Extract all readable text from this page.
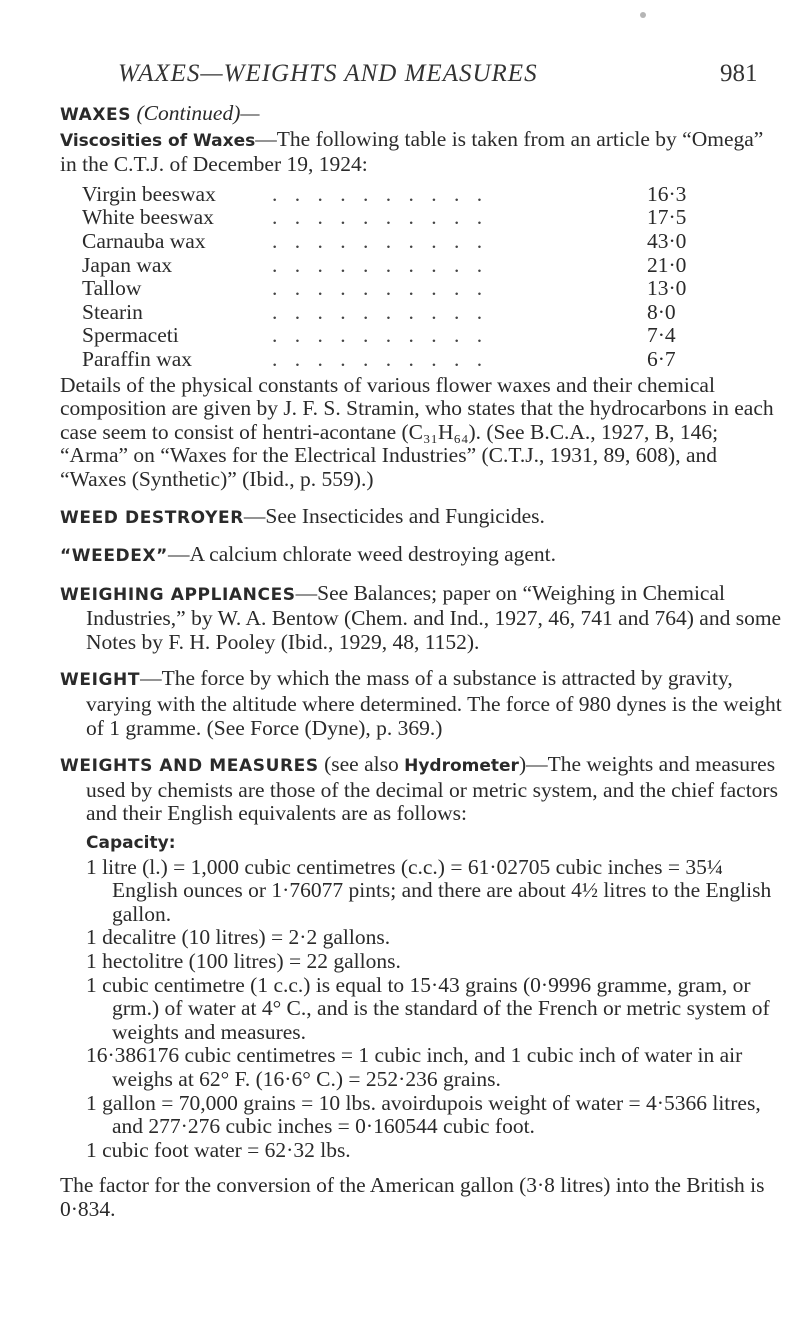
WAXES—WEIGHTS AND MEASURES	981

WAXES (Continued)—

Viscosities of Waxes—The following table is taken from an article by “Omega” in the C.T.J. of December 19, 1924:

Virgin beeswax	. . . . . . . . . .	16·3
White beeswax	. . . . . . . . . .	17·5
Carnauba wax	. . . . . . . . . .	43·0
Japan wax	. . . . . . . . . .	21·0
Tallow	. . . . . . . . . .	13·0
Stearin	. . . . . . . . . .	8·0
Spermaceti	. . . . . . . . . .	7·4
Paraffin wax	. . . . . . . . . .	6·7

Details of the physical constants of various flower waxes and their chemical composition are given by J. F. S. Stramin, who states that the hydrocarbons in each case seem to consist of hentri-acontane (C₃₁H₆₄). (See B.C.A., 1927, B, 146; “Arma” on “Waxes for the Electrical Industries” (C.T.J., 1931, 89, 608), and “Waxes (Synthetic)” (Ibid., p. 559).)

WEED DESTROYER—See Insecticides and Fungicides.

“WEEDEX”—A calcium chlorate weed destroying agent.

WEIGHING APPLIANCES—See Balances; paper on “Weighing in Chemical Industries,” by W. A. Bentow (Chem. and Ind., 1927, 46, 741 and 764) and some Notes by F. H. Pooley (Ibid., 1929, 48, 1152).

WEIGHT—The force by which the mass of a substance is attracted by gravity, varying with the altitude where determined. The force of 980 dynes is the weight of 1 gramme. (See Force (Dyne), p. 369.)

WEIGHTS AND MEASURES (see also Hydrometer)—The weights and measures used by chemists are those of the decimal or metric system, and the chief factors and their English equivalents are as follows:

Capacity:

1 litre (l.) = 1,000 cubic centimetres (c.c.) = 61·02705 cubic inches = 35¼ English ounces or 1·76077 pints; and there are about 4½ litres to the English gallon.

1 decalitre (10 litres) = 2·2 gallons.

1 hectolitre (100 litres) = 22 gallons.

1 cubic centimetre (1 c.c.) is equal to 15·43 grains (0·9996 gramme, gram, or grm.) of water at 4° C., and is the standard of the French or metric system of weights and measures.

16·386176 cubic centimetres = 1 cubic inch, and 1 cubic inch of water in air weighs at 62° F. (16·6° C.) = 252·236 grains.

1 gallon = 70,000 grains = 10 lbs. avoirdupois weight of water = 4·5366 litres, and 277·276 cubic inches = 0·160544 cubic foot.

1 cubic foot water = 62·32 lbs.

The factor for the conversion of the American gallon (3·8 litres) into the British is 0·834.
